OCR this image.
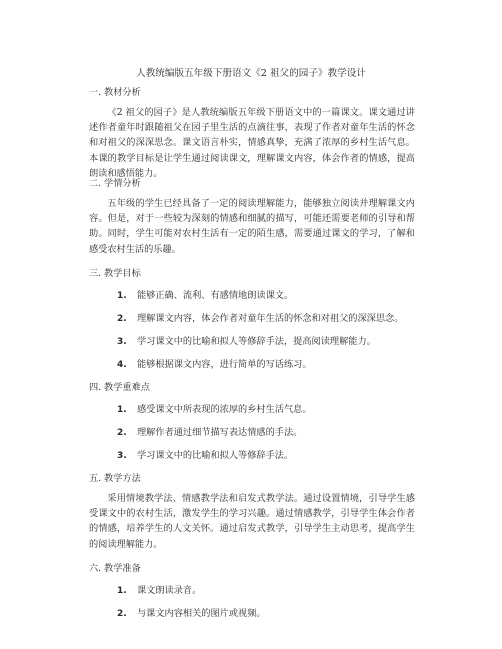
人教统编版五年级下册语文《2 祖父的园子》教学设计
一. 教材分析
《2 祖父的园子》是人教统编版五年级下册语文中的一篇课文。课文通过讲述作者童年时跟随祖父在园子里生活的点滴往事，表现了作者对童年生活的怀念和对祖父的深深思念。课文语言朴实，情感真挚，充满了浓厚的乡村生活气息。本课的教学目标是让学生通过阅读课文，理解课文内容，体会作者的情感，提高朗读和感悟能力。
二. 学情分析
五年级的学生已经具备了一定的阅读理解能力，能够独立阅读并理解课文内容。但是，对于一些较为深刻的情感和细腻的描写，可能还需要老师的引导和帮助。同时，学生可能对农村生活有一定的陌生感，需要通过课文的学习，了解和感受农村生活的乐趣。
三. 教学目标
1. 能够正确、流利、有感情地朗读课文。
2. 理解课文内容，体会作者对童年生活的怀念和对祖父的深深思念。
3. 学习课文中的比喻和拟人等修辞手法，提高阅读理解能力。
4. 能够根据课文内容，进行简单的写话练习。
四. 教学重难点
1. 感受课文中所表现的浓厚的乡村生活气息。
2. 理解作者通过细节描写表达情感的手法。
3. 学习课文中的比喻和拟人等修辞手法。
五. 教学方法
采用情境教学法、情感教学法和启发式教学法。通过设置情境，引导学生感受课文中的农村生活，激发学生的学习兴趣。通过情感教学，引导学生体会作者的情感，培养学生的人文关怀。通过启发式教学，引导学生主动思考，提高学生的阅读理解能力。
六. 教学准备
1. 课文朗读录音。
2. 与课文内容相关的图片或视频。
